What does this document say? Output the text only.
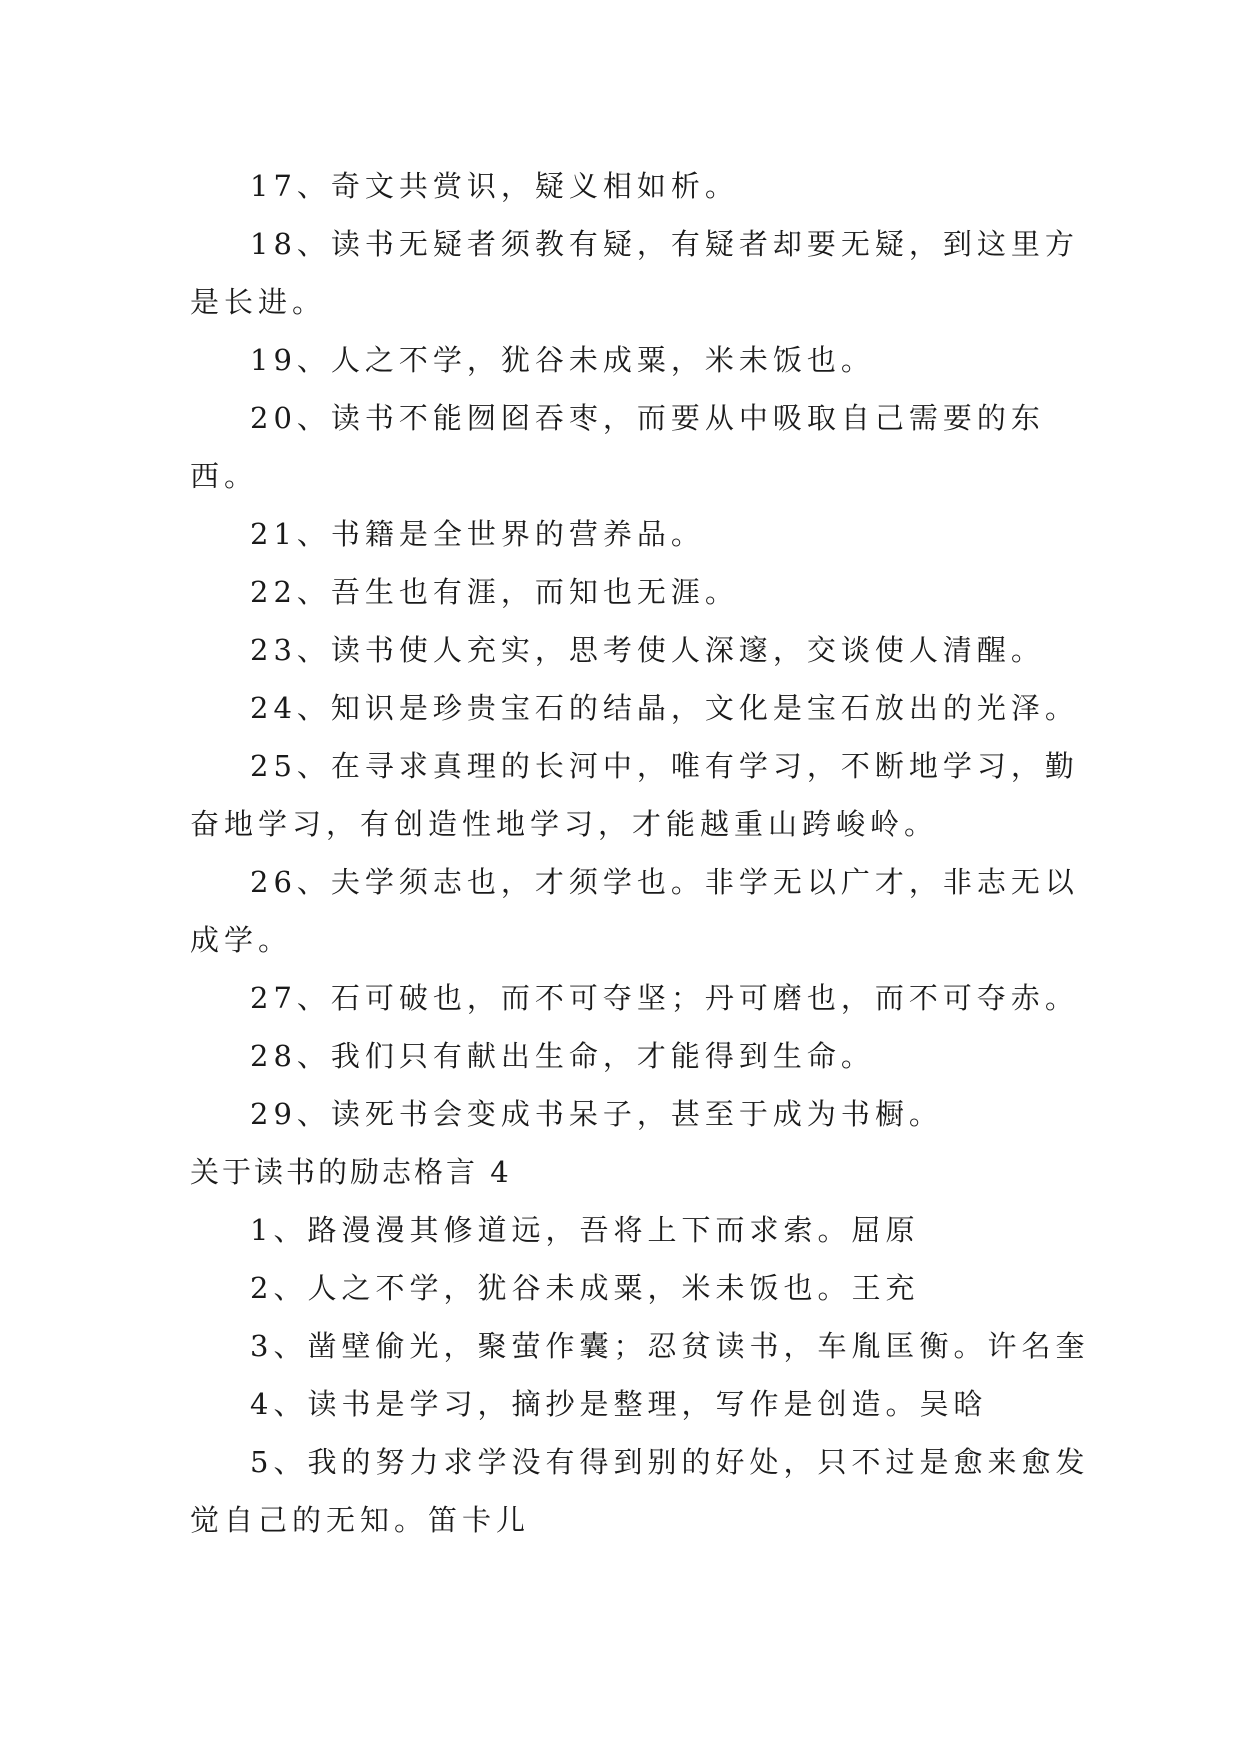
17、奇文共赏识，疑义相如析。

18、读书无疑者须教有疑，有疑者却要无疑，到这里方是长进。

19、人之不学，犹谷未成粟，米未饭也。

20、读书不能囫囵吞枣，而要从中吸取自己需要的东西。

21、书籍是全世界的营养品。

22、吾生也有涯，而知也无涯。

23、读书使人充实，思考使人深邃，交谈使人清醒。

24、知识是珍贵宝石的结晶，文化是宝石放出的光泽。

25、在寻求真理的长河中，唯有学习，不断地学习，勤奋地学习，有创造性地学习，才能越重山跨峻岭。

26、夫学须志也，才须学也。非学无以广才，非志无以成学。

27、石可破也，而不可夺坚；丹可磨也，而不可夺赤。

28、我们只有献出生命，才能得到生命。

29、读死书会变成书呆子，甚至于成为书橱。

关于读书的励志格言 4

1、路漫漫其修道远，吾将上下而求索。屈原

2、人之不学，犹谷未成粟，米未饭也。王充

3、凿壁偷光，聚萤作囊；忍贫读书，车胤匡衡。许名奎

4、读书是学习，摘抄是整理，写作是创造。吴晗

5、我的努力求学没有得到别的好处，只不过是愈来愈发觉自己的无知。笛卡儿
